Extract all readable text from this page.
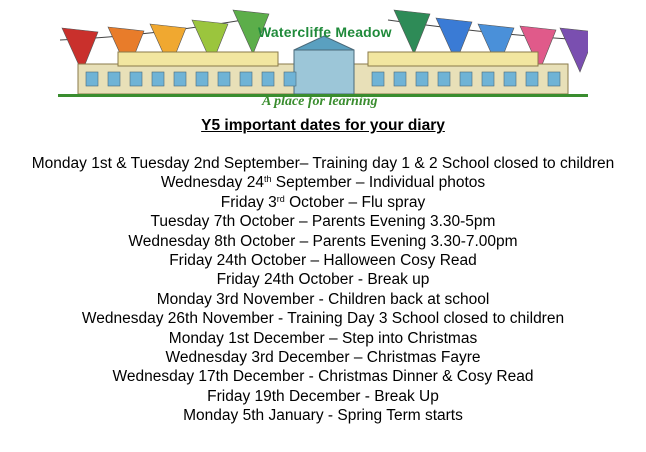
Watercliffe Meadow
A place for learning
Y5 important dates for your diary
Monday 1st & Tuesday 2nd September– Training day 1 & 2 School closed to children
Wednesday 24th September – Individual photos
Friday 3rd October – Flu spray
Tuesday 7th October – Parents Evening 3.30-5pm
Wednesday 8th October – Parents Evening 3.30-7.00pm
Friday 24th October – Halloween Cosy Read
Friday 24th October - Break up
Monday 3rd November - Children back at school
Wednesday 26th November - Training Day 3 School closed to children
Monday 1st December – Step into Christmas
Wednesday 3rd December – Christmas Fayre
Wednesday 17th December - Christmas Dinner & Cosy Read
Friday 19th December - Break Up
Monday 5th January - Spring Term starts
